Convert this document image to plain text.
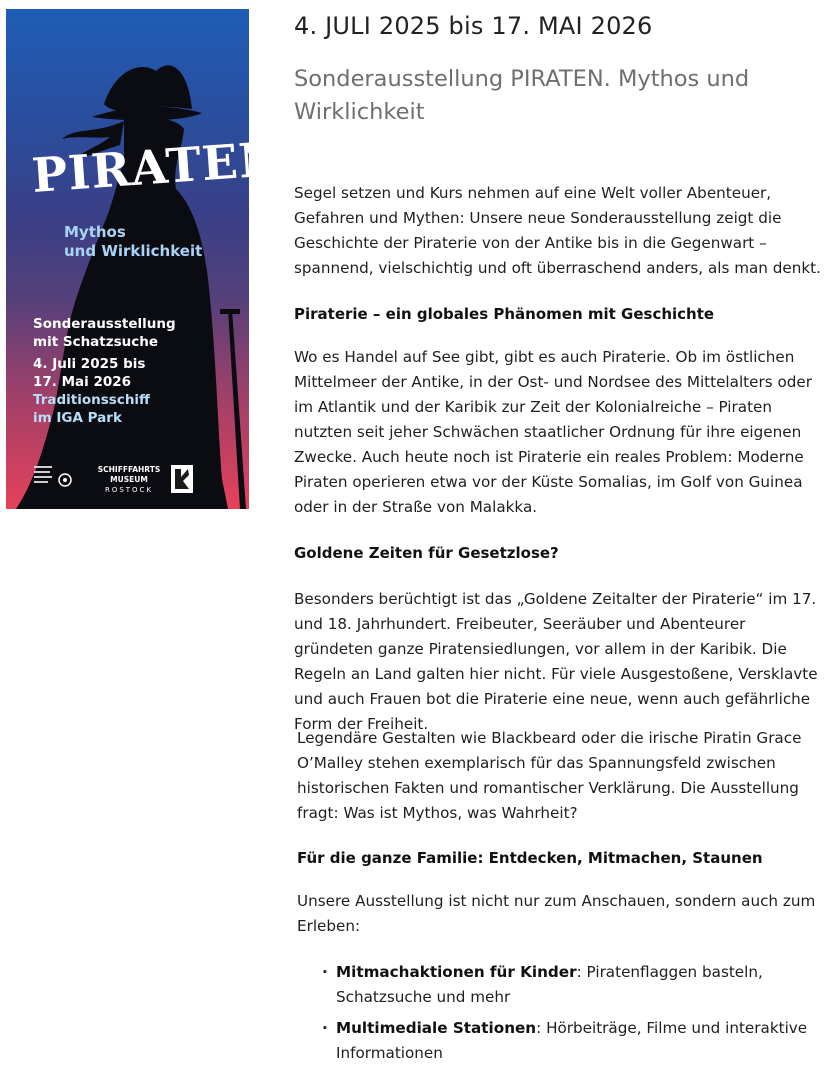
PIRATEN
Mythos
und Wirklichkeit
Sonderausstellung
mit Schatzsuche
4. Juli 2025 bis
17. Mai 2026
Traditionsschiff
im IGA Park
SCHIFFFAHRTS
MUSEUM
ROSTOCK
4. JULI 2025 bis 17. MAI 2026
Sonderausstellung PIRATEN. Mythos und Wirklichkeit

Segel setzen und Kurs nehmen auf eine Welt voller Abenteuer, Gefahren und Mythen: Unsere neue Sonderausstellung zeigt die Geschichte der Piraterie von der Antike bis in die Gegenwart – spannend, vielschichtig und oft überraschend anders, als man denkt.

Piraterie – ein globales Phänomen mit Geschichte

Wo es Handel auf See gibt, gibt es auch Piraterie. Ob im östlichen Mittelmeer der Antike, in der Ost- und Nordsee des Mittelalters oder im Atlantik und der Karibik zur Zeit der Kolonialreiche – Piraten nutzten seit jeher Schwächen staatlicher Ordnung für ihre eigenen Zwecke. Auch heute noch ist Piraterie ein reales Problem: Moderne Piraten operieren etwa vor der Küste Somalias, im Golf von Guinea oder in der Straße von Malakka.

Goldene Zeiten für Gesetzlose?

Besonders berüchtigt ist das „Goldene Zeitalter der Piraterie“ im 17. und 18. Jahrhundert. Freibeuter, Seeräuber und Abenteurer gründeten ganze Piratensiedlungen, vor allem in der Karibik. Die Regeln an Land galten hier nicht. Für viele Ausgestoßene, Versklavte und auch Frauen bot die Piraterie eine neue, wenn auch gefährliche Form der Freiheit.

Legendäre Gestalten wie Blackbeard oder die irische Piratin Grace O’Malley stehen exemplarisch für das Spannungsfeld zwischen historischen Fakten und romantischer Verklärung. Die Ausstellung fragt: Was ist Mythos, was Wahrheit?

Für die ganze Familie: Entdecken, Mitmachen, Staunen

Unsere Ausstellung ist nicht nur zum Anschauen, sondern auch zum Erleben:

· Mitmachaktionen für Kinder: Piratenflaggen basteln, Schatzsuche und mehr
· Multimediale Stationen: Hörbeiträge, Filme und interaktive Informationen
